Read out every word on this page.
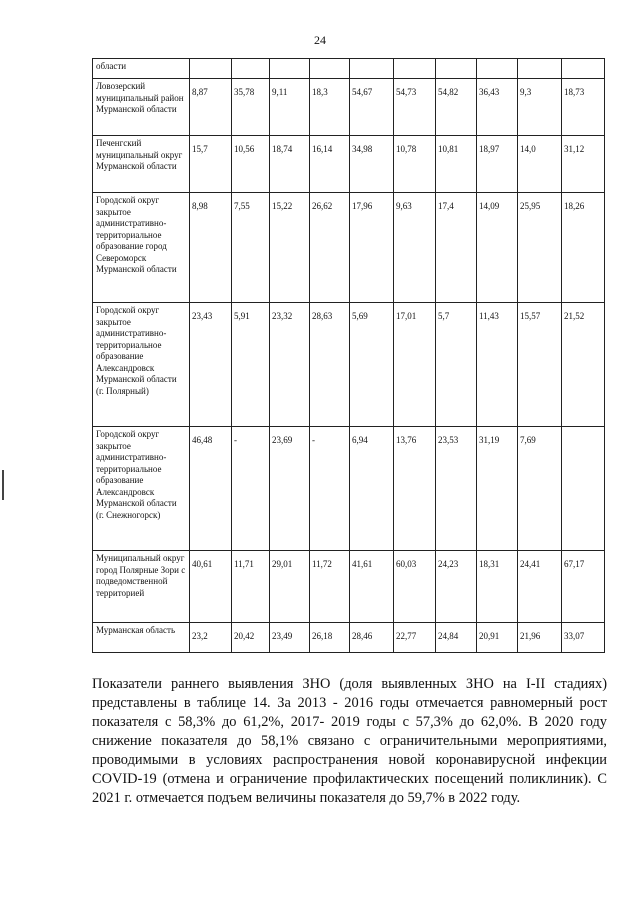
24
области										
Ловозерский муниципальный район Мурманской области	8,87	35,78	9,11	18,3	54,67	54,73	54,82	36,43	9,3	18,73
Печенгский муниципальный округ Мурманской области	15,7	10,56	18,74	16,14	34,98	10,78	10,81	18,97	14,0	31,12
Городской округ закрытое административно-территориальное образование город Североморск Мурманской области	8,98	7,55	15,22	26,62	17,96	9,63	17,4	14,09	25,95	18,26
Городской округ закрытое административно-территориальное образование Александровск Мурманской области (г. Полярный)	23,43	5,91	23,32	28,63	5,69	17,01	5,7	11,43	15,57	21,52
Городской округ закрытое административно-территориальное образование Александровск Мурманской области (г. Снежногорск)	46,48	-	23,69	-	6,94	13,76	23,53	31,19	7,69	
Муниципальный округ город Полярные Зори с подведомственной территорией	40,61	11,71	29,01	11,72	41,61	60,03	24,23	18,31	24,41	67,17
Мурманская область	23,2	20,42	23,49	26,18	28,46	22,77	24,84	20,91	21,96	33,07

Показатели раннего выявления ЗНО (доля выявленных ЗНО на I-II стадиях) представлены в таблице 14. За 2013 - 2016 годы отмечается равномерный рост показателя с 58,3% до 61,2%, 2017- 2019 годы с 57,3% до 62,0%. В 2020 году снижение показателя до 58,1% связано с ограничительными мероприятиями, проводимыми в условиях распространения новой коронавирусной инфекции COVID-19 (отмена и ограничение профилактических посещений поликлиник). С 2021 г. отмечается подъем величины показателя до 59,7% в 2022 году.
